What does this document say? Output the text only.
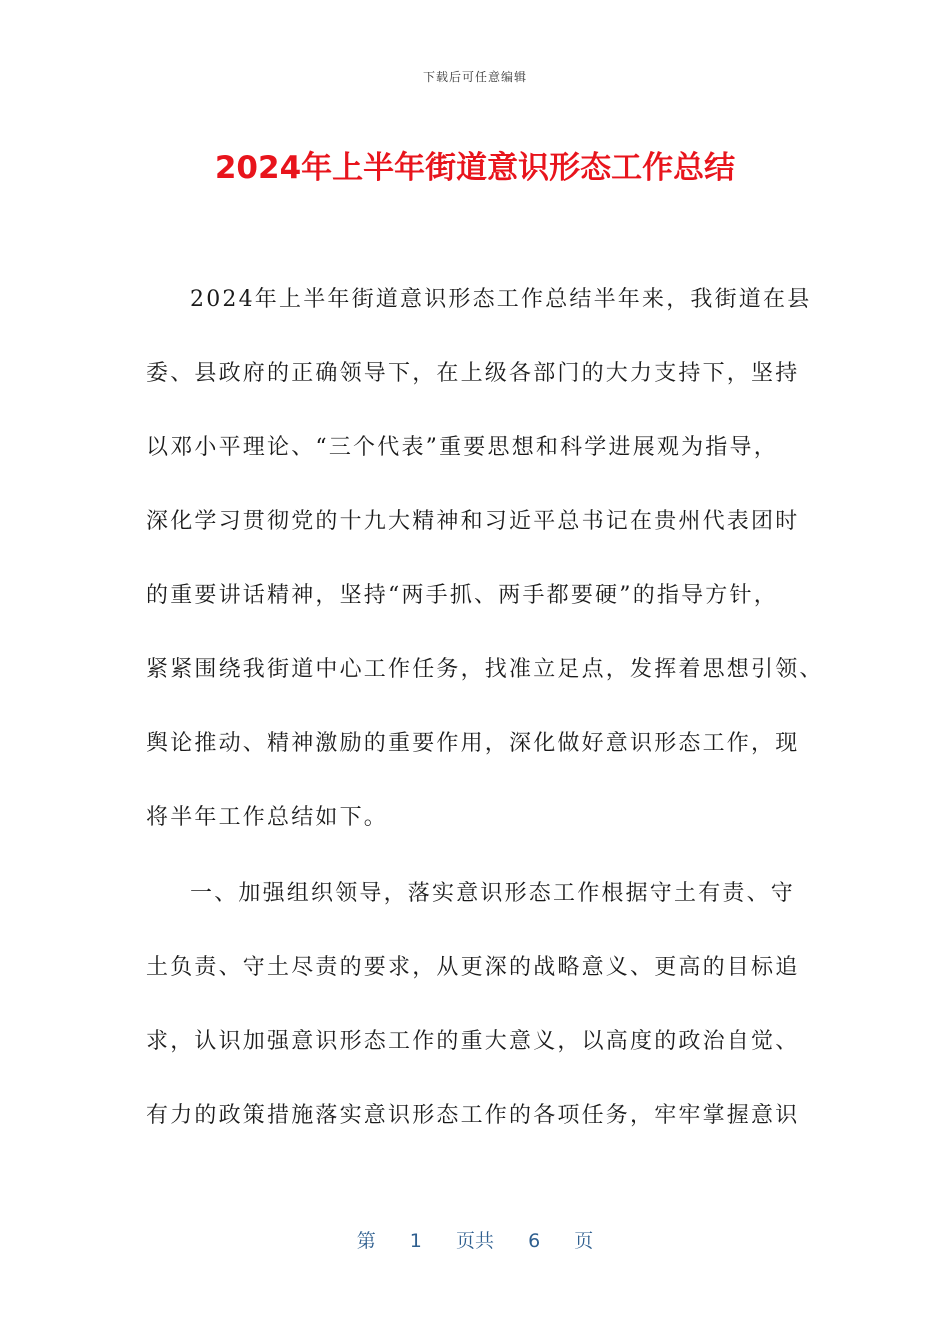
下载后可任意编辑
2024年上半年街道意识形态工作总结
2024年上半年街道意识形态工作总结半年来，我街道在县
委、县政府的正确领导下，在上级各部门的大力支持下，坚持
以邓小平理论、“三个代表”重要思想和科学进展观为指导，
深化学习贯彻党的十九大精神和习近平总书记在贵州代表团时
的重要讲话精神，坚持“两手抓、两手都要硬”的指导方针，
紧紧围绕我街道中心工作任务，找准立足点，发挥着思想引领、
舆论推动、精神激励的重要作用，深化做好意识形态工作，现
将半年工作总结如下。
一、加强组织领导，落实意识形态工作根据守土有责、守
土负责、守土尽责的要求，从更深的战略意义、更高的目标追
求，认识加强意识形态工作的重大意义，以高度的政治自觉、
有力的政策措施落实意识形态工作的各项任务，牢牢掌握意识
第 1 页共 6 页
